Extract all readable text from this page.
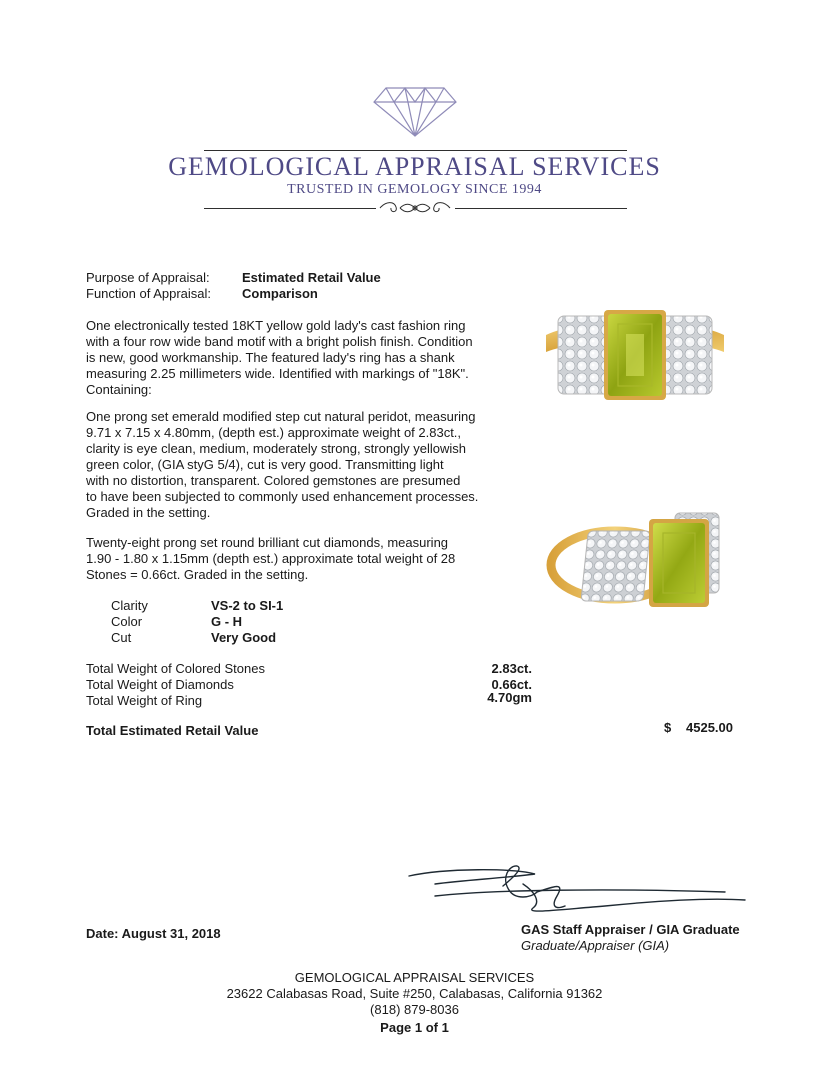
GEMOLOGICAL APPRAISAL SERVICES
TRUSTED IN GEMOLOGY SINCE 1994
Purpose of Appraisal: Estimated Retail Value
Function of Appraisal: Comparison
One electronically tested 18KT yellow gold lady's cast fashion ring
with a four row wide band motif with a bright polish finish. Condition
is new, good workmanship. The featured lady's ring has a shank
measuring 2.25 millimeters wide. Identified with markings of "18K".
Containing:
One prong set emerald modified step cut natural peridot, measuring
9.71 x 7.15 x 4.80mm, (depth est.) approximate weight of 2.83ct.,
clarity is eye clean, medium, moderately strong, strongly yellowish
green color, (GIA styG 5/4), cut is very good. Transmitting light
with no distortion, transparent. Colored gemstones are presumed
to have been subjected to commonly used enhancement processes.
Graded in the setting.
Twenty-eight prong set round brilliant cut diamonds, measuring
1.90 - 1.80 x 1.15mm (depth est.) approximate total weight of 28
Stones = 0.66ct. Graded in the setting.
Clarity	VS-2 to SI-1
Color	G - H
Cut	Very Good
Total Weight of Colored Stones	2.83ct.
Total Weight of Diamonds	0.66ct.
Total Weight of Ring	4.70gm
Total Estimated Retail Value	$ 4525.00
Date: August 31, 2018	GAS Staff Appraiser / GIA Graduate
Graduate/Appraiser (GIA)
GEMOLOGICAL APPRAISAL SERVICES
23622 Calabasas Road, Suite #250, Calabasas, California 91362
(818) 879-8036
Page 1 of 1
